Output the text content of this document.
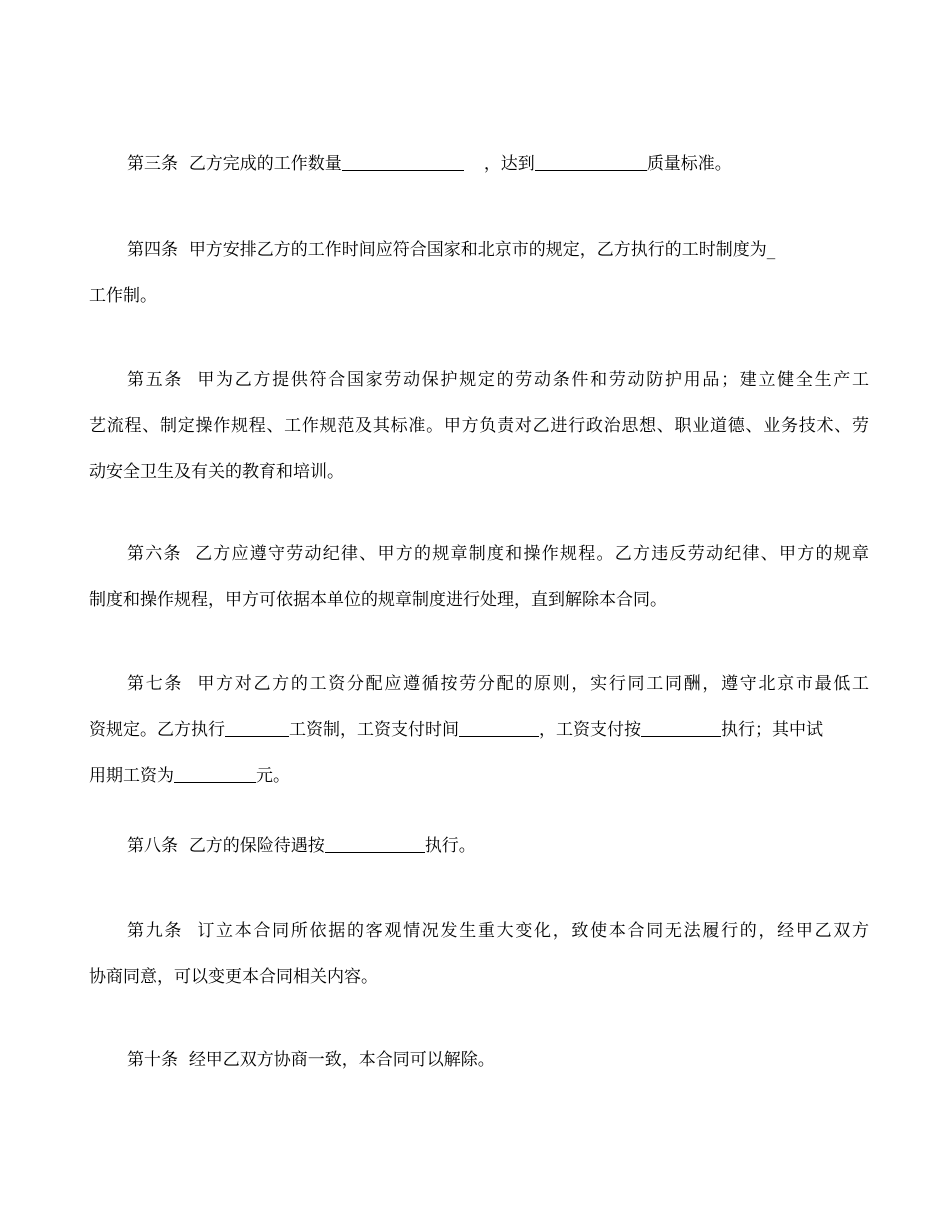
第三条 乙方完成的工作数量	，达到	质量标准。

第四条 甲方安排乙方的工作时间应符合国家和北京市的规定，乙方执行的工时制度为_
工作制。

第五条 甲为乙方提供符合国家劳动保护规定的劳动条件和劳动防护用品；建立健全生产工
艺流程、制定操作规程、工作规范及其标准。甲方负责对乙进行政治思想、职业道德、业务技术、劳
动安全卫生及有关的教育和培训。

第六条 乙方应遵守劳动纪律、甲方的规章制度和操作规程。乙方违反劳动纪律、甲方的规章
制度和操作规程，甲方可依据本单位的规章制度进行处理，直到解除本合同。

第七条 甲方对乙方的工资分配应遵循按劳分配的原则，实行同工同酬，遵守北京市最低工
资规定。乙方执行	工资制，工资支付时间	，工资支付按	执行；其中试
用期工资为	元。

第八条 乙方的保险待遇按	执行。

第九条 订立本合同所依据的客观情况发生重大变化，致使本合同无法履行的，经甲乙双方
协商同意，可以变更本合同相关内容。

第十条 经甲乙双方协商一致，本合同可以解除。
